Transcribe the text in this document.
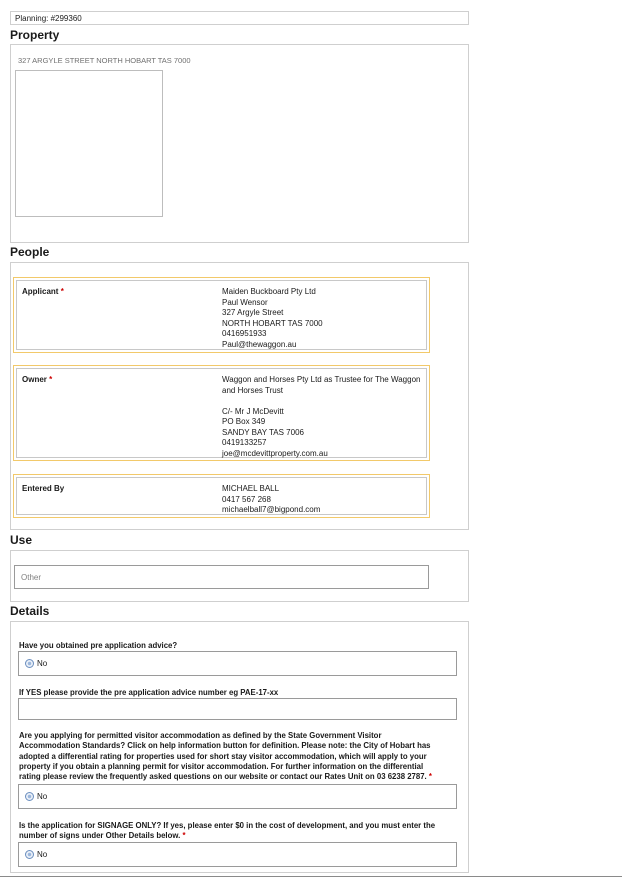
Planning: #299360
Property
327 ARGYLE STREET NORTH HOBART TAS 7000
People
Applicant *	Maiden Buckboard Pty Ltd
Paul Wensor
327 Argyle Street
NORTH HOBART TAS 7000
0416951933
Paul@thewaggon.au
Owner *	Waggon and Horses Pty Ltd as Trustee for The Waggon and Horses Trust

C/- Mr J McDevitt
PO Box 349
SANDY BAY TAS 7006
0419133257
joe@mcdevittproperty.com.au
Entered By	MICHAEL BALL
0417 567 268
michaelball7@bigpond.com
Use
Other
Details
Have you obtained pre application advice?
No
If YES please provide the pre application advice number eg PAE-17-xx
Are you applying for permitted visitor accommodation as defined by the State Government Visitor Accommodation Standards? Click on help information button for definition. Please note: the City of Hobart has adopted a differential rating for properties used for short stay visitor accommodation, which will apply to your property if you obtain a planning permit for visitor accommodation. For further information on the differential rating please review the frequently asked questions on our website or contact our Rates Unit on 03 6238 2787. *
No
Is the application for SIGNAGE ONLY? If yes, please enter $0 in the cost of development, and you must enter the number of signs under Other Details below. *
No
